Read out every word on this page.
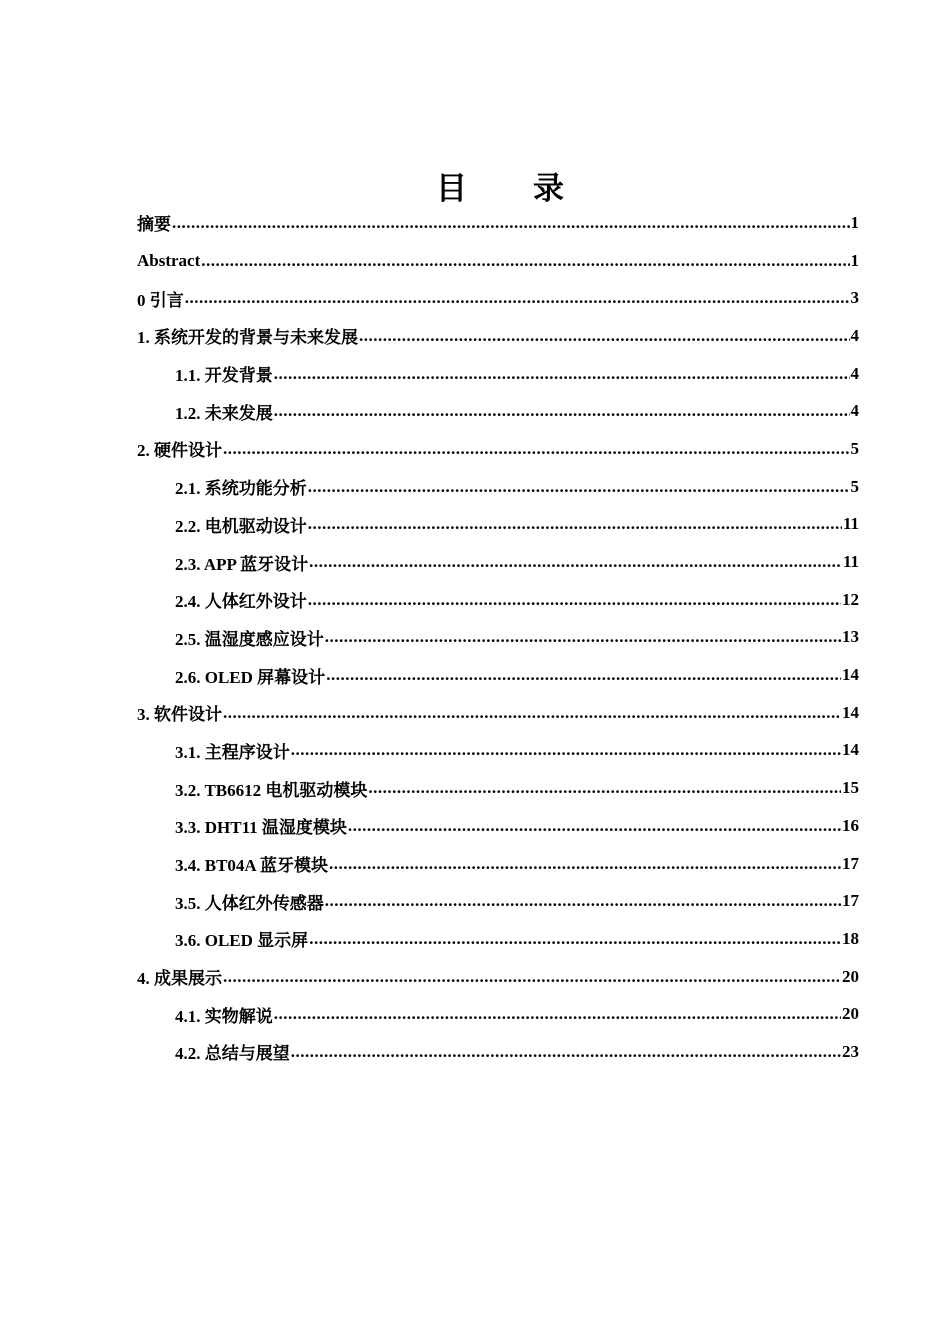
目 录
摘要 .....	1
Abstract .....	1
0 引言 .....	3
1. 系统开发的背景与未来发展 .....	4
1.1. 开发背景 .....	4
1.2. 未来发展 .....	4
2. 硬件设计 .....	5
2.1. 系统功能分析 .....	5
2.2. 电机驱动设计 .....	11
2.3. APP 蓝牙设计 .....	11
2.4. 人体红外设计 .....	12
2.5. 温湿度感应设计 .....	13
2.6. OLED 屏幕设计 .....	14
3. 软件设计 .....	14
3.1. 主程序设计 .....	14
3.2. TB6612 电机驱动模块 .....	15
3.3. DHT11 温湿度模块 .....	16
3.4. BT04A 蓝牙模块 .....	17
3.5. 人体红外传感器 .....	17
3.6. OLED 显示屏 .....	18
4. 成果展示 .....	20
4.1. 实物解说 .....	20
4.2. 总结与展望 .....	23
